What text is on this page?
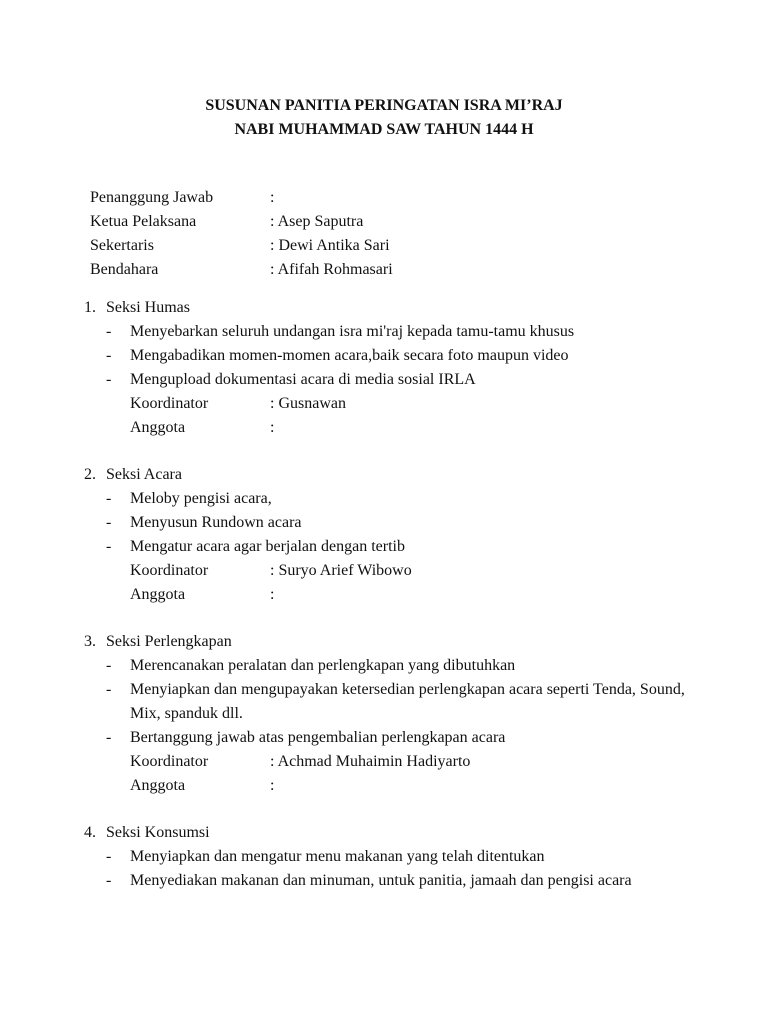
SUSUNAN PANITIA PERINGATAN ISRA MI’RAJ
NABI MUHAMMAD SAW TAHUN 1444 H
Penanggung Jawab	:
Ketua Pelaksana	: Asep Saputra
Sekertaris	: Dewi Antika Sari
Bendahara	: Afifah Rohmasari
1. Seksi Humas
- Menyebarkan seluruh undangan isra mi'raj kepada tamu-tamu khusus
- Mengabadikan momen-momen acara,baik secara foto maupun video
- Mengupload dokumentasi acara di media sosial IRLA
Koordinator	: Gusnawan
Anggota	:
2. Seksi Acara
- Meloby pengisi acara,
- Menyusun Rundown acara
- Mengatur acara agar berjalan dengan tertib
Koordinator	: Suryo Arief Wibowo
Anggota	:
3. Seksi Perlengkapan
- Merencanakan peralatan dan perlengkapan yang dibutuhkan
- Menyiapkan dan mengupayakan ketersedian perlengkapan acara seperti Tenda, Sound, Mix, spanduk dll.
- Bertanggung jawab atas pengembalian perlengkapan acara
Koordinator	: Achmad Muhaimin Hadiyarto
Anggota	:
4. Seksi Konsumsi
- Menyiapkan dan mengatur menu makanan yang telah ditentukan
- Menyediakan makanan dan minuman, untuk panitia, jamaah dan pengisi acara
